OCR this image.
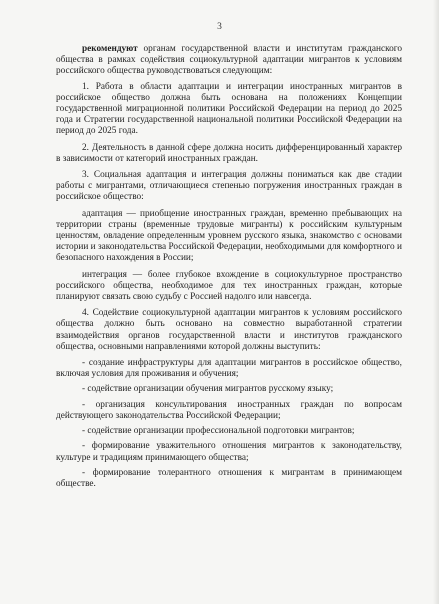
3

рекомендуют органам государственной власти и институтам гражданского общества в рамках содействия социокультурной адаптации мигрантов к условиям российского общества руководствоваться следующим:

1. Работа в области адаптации и интеграции иностранных мигрантов в российское общество должна быть основана на положениях Концепции государственной миграционной политики Российской Федерации на период до 2025 года и Стратегии государственной национальной политики Российской Федерации на период до 2025 года.

2. Деятельность в данной сфере должна носить дифференцированный характер в зависимости от категорий иностранных граждан.

3. Социальная адаптация и интеграция должны пониматься как две стадии работы с мигрантами, отличающиеся степенью погружения иностранных граждан в российское общество:

адаптация — приобщение иностранных граждан, временно пребывающих на территории страны (временные трудовые мигранты) к российским культурным ценностям, овладение определенным уровнем русского языка, знакомство с основами истории и законодательства Российской Федерации, необходимыми для комфортного и безопасного нахождения в России;

интеграция — более глубокое вхождение в социокультурное пространство российского общества, необходимое для тех иностранных граждан, которые планируют связать свою судьбу с Россией надолго или навсегда.

4. Содействие социокультурной адаптации мигрантов к условиям российского общества должно быть основано на совместно выработанной стратегии взаимодействия органов государственной власти и институтов гражданского общества, основными направлениями которой должны выступить:

- создание инфраструктуры для адаптации мигрантов в российское общество, включая условия для проживания и обучения;

- содействие организации обучения мигрантов русскому языку;

- организация консультирования иностранных граждан по вопросам действующего законодательства Российской Федерации;

- содействие организации профессиональной подготовки мигрантов;

- формирование уважительного отношения мигрантов к законодательству, культуре и традициям принимающего общества;

- формирование толерантного отношения к мигрантам в принимающем обществе.
